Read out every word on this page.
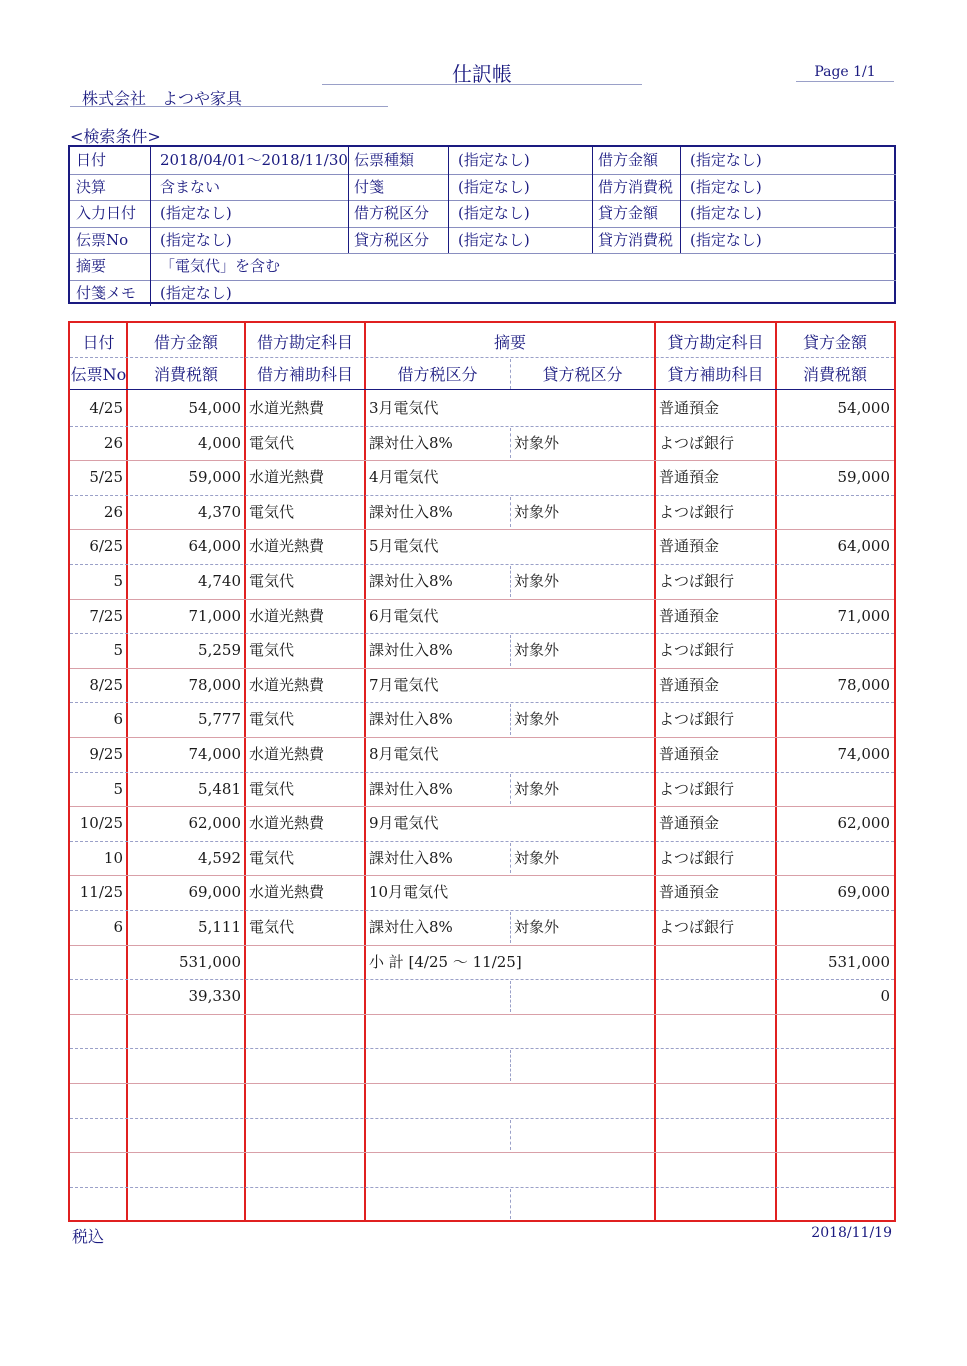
仕訳帳	Page 1/1
株式会社　よつや家具
<検索条件>
日付	2018/04/01～2018/11/30 伝票種類	(指定なし)	借方金額	(指定なし)
決算	含まない	付箋	(指定なし)	借方消費税	(指定なし)
入力日付	(指定なし)	借方税区分	(指定なし)	貸方金額	(指定なし)
伝票No	(指定なし)	貸方税区分	(指定なし)	貸方消費税	(指定なし)
摘要	「電気代」を含む
付箋メモ	(指定なし)
日付	借方金額	借方勘定科目	摘要	貸方勘定科目	貸方金額
伝票No	消費税額	借方補助科目	借方税区分	貸方税区分	貸方補助科目	消費税額
4/25	54,000 水道光熱費	3月電気代	普通預金	54,000
26	4,000 電気代	課対仕入8%	対象外	よつば銀行
5/25	59,000 水道光熱費	4月電気代	普通預金	59,000
26	4,370 電気代	課対仕入8%	対象外	よつば銀行
6/25	64,000 水道光熱費	5月電気代	普通預金	64,000
5	4,740 電気代	課対仕入8%	対象外	よつば銀行
7/25	71,000 水道光熱費	6月電気代	普通預金	71,000
5	5,259 電気代	課対仕入8%	対象外	よつば銀行
8/25	78,000 水道光熱費	7月電気代	普通預金	78,000
6	5,777 電気代	課対仕入8%	対象外	よつば銀行
9/25	74,000 水道光熱費	8月電気代	普通預金	74,000
5	5,481 電気代	課対仕入8%	対象外	よつば銀行
10/25	62,000 水道光熱費	9月電気代	普通預金	62,000
10	4,592 電気代	課対仕入8%	対象外	よつば銀行
11/25	69,000 水道光熱費	10月電気代	普通預金	69,000
6	5,111 電気代	課対仕入8%	対象外	よつば銀行
531,000	小 計 [4/25 ～ 11/25]	531,000
39,330	0
税込	2018/11/19
